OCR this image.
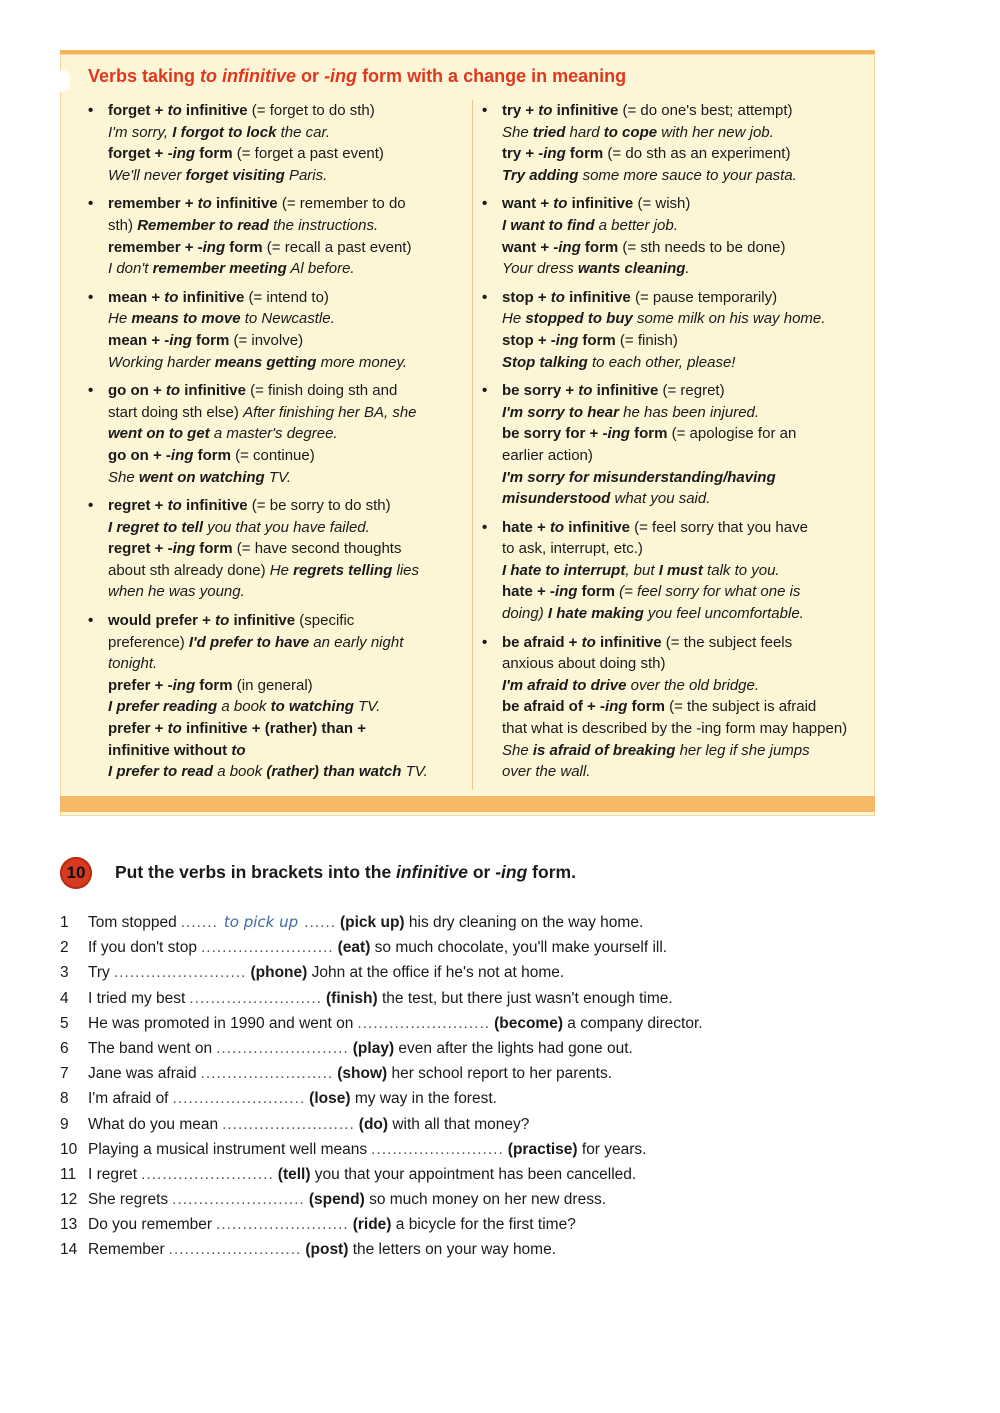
Verbs taking to infinitive or -ing form with a change in meaning
• forget + to infinitive (= forget to do sth)
I'm sorry, I forgot to lock the car.
forget + -ing form (= forget a past event)
We'll never forget visiting Paris.
• remember + to infinitive (= remember to do
sth) Remember to read the instructions.
remember + -ing form (= recall a past event)
I don't remember meeting Al before.
• mean + to infinitive (= intend to)
He means to move to Newcastle.
mean + -ing form (= involve)
Working harder means getting more money.
• go on + to infinitive (= finish doing sth and
start doing sth else) After finishing her BA, she
went on to get a master's degree.
go on + -ing form (= continue)
She went on watching TV.
• regret + to infinitive (= be sorry to do sth)
I regret to tell you that you have failed.
regret + -ing form (= have second thoughts
about sth already done) He regrets telling lies
when he was young.
• would prefer + to infinitive (specific
preference) I'd prefer to have an early night
tonight.
prefer + -ing form (in general)
I prefer reading a book to watching TV.
prefer + to infinitive + (rather) than +
infinitive without to
I prefer to read a book (rather) than watch TV.
• try + to infinitive (= do one's best; attempt)
She tried hard to cope with her new job.
try + -ing form (= do sth as an experiment)
Try adding some more sauce to your pasta.
• want + to infinitive (= wish)
I want to find a better job.
want + -ing form (= sth needs to be done)
Your dress wants cleaning.
• stop + to infinitive (= pause temporarily)
He stopped to buy some milk on his way home.
stop + -ing form (= finish)
Stop talking to each other, please!
• be sorry + to infinitive (= regret)
I'm sorry to hear he has been injured.
be sorry for + -ing form (= apologise for an
earlier action)
I'm sorry for misunderstanding/having
misunderstood what you said.
• hate + to infinitive (= feel sorry that you have
to ask, interrupt, etc.)
I hate to interrupt, but I must talk to you.
hate + -ing form (= feel sorry for what one is
doing) I hate making you feel uncomfortable.
• be afraid + to infinitive (= the subject feels
anxious about doing sth)
I'm afraid to drive over the old bridge.
be afraid of + -ing form (= the subject is afraid
that what is described by the -ing form may happen)
She is afraid of breaking her leg if she jumps
over the wall.
10	Put the verbs in brackets into the infinitive or -ing form.
1	Tom stopped ....... to pick up ...... (pick up) his dry cleaning on the way home.
2	If you don't stop ......................... (eat) so much chocolate, you'll make yourself ill.
3	Try ......................... (phone) John at the office if he's not at home.
4	I tried my best ......................... (finish) the test, but there just wasn't enough time.
5	He was promoted in 1990 and went on ......................... (become) a company director.
6	The band went on ......................... (play) even after the lights had gone out.
7	Jane was afraid ......................... (show) her school report to her parents.
8	I'm afraid of ......................... (lose) my way in the forest.
9	What do you mean ......................... (do) with all that money?
10 Playing a musical instrument well means ......................... (practise) for years.
11 I regret ......................... (tell) you that your appointment has been cancelled.
12 She regrets ......................... (spend) so much money on her new dress.
13 Do you remember ......................... (ride) a bicycle for the first time?
14 Remember ......................... (post) the letters on your way home.
